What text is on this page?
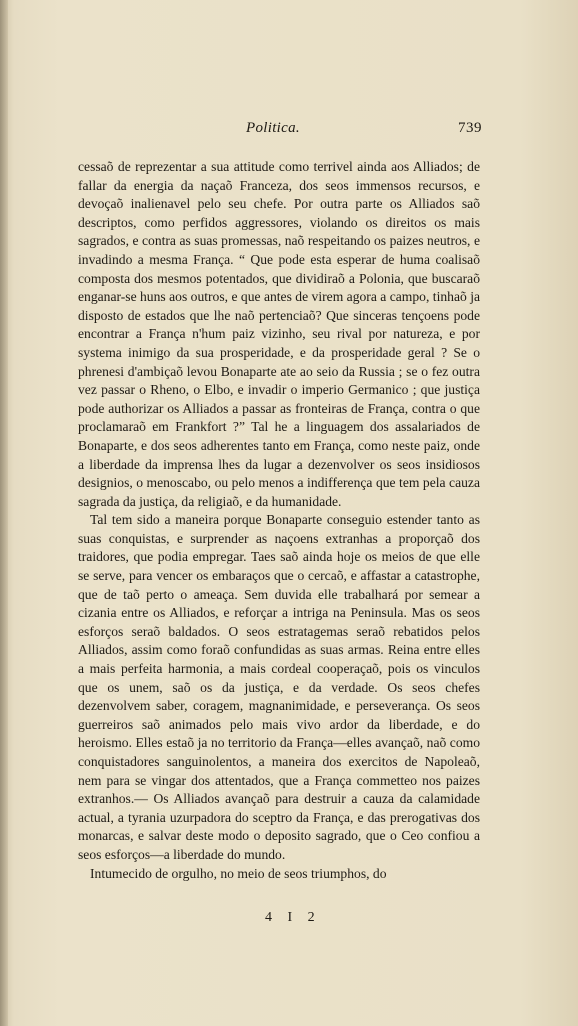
Politica.	739

cessaõ de reprezentar a sua attitude como terrivel ainda aos Alliados; de fallar da energia da naçaõ Franceza, dos seos immensos recursos, e devoçaõ inalienavel pelo seu chefe. Por outra parte os Alliados saõ descriptos, como perfidos aggressores, violando os direitos os mais sagrados, e contra as suas promessas, naõ respeitando os paizes neutros, e invadindo a mesma França. “ Que pode esta esperar de huma coalisaõ composta dos mesmos potentados, que dividiraõ a Polonia, que buscaraõ enganar-se huns aos outros, e que antes de virem agora a campo, tinhaõ ja disposto de estados que lhe naõ pertenciaõ? Que sinceras tençoens pode encontrar a França n'hum paiz vizinho, seu rival por natureza, e por systema inimigo da sua prosperidade, e da prosperidade geral ? Se o phrenesi d'ambiçaõ levou Bonaparte ate ao seio da Russia ; se o fez outra vez passar o Rheno, o Elbo, e invadir o imperio Germanico ; que justiça pode authorizar os Alliados a passar as fronteiras de França, contra o que proclamaraõ em Frankfort ?” Tal he a linguagem dos assalariados de Bonaparte, e dos seos adherentes tanto em França, como neste paiz, onde a liberdade da imprensa lhes da lugar a dezenvolver os seos insidiosos designios, o menoscabo, ou pelo menos a indifferença que tem pela cauza sagrada da justiça, da religiaõ, e da humanidade.

Tal tem sido a maneira porque Bonaparte conseguio estender tanto as suas conquistas, e surprender as naçoens extranhas a proporçaõ dos traidores, que podia empregar. Taes saõ ainda hoje os meios de que elle se serve, para vencer os embaraços que o cercaõ, e affastar a catastrophe, que de taõ perto o ameaça. Sem duvida elle trabalhará por semear a cizania entre os Alliados, e reforçar a intriga na Peninsula. Mas os seos esforços seraõ baldados. O seos estratagemas seraõ rebatidos pelos Alliados, assim como foraõ confundidas as suas armas. Reina entre elles a mais perfeita harmonia, a mais cordeal cooperaçaõ, pois os vinculos que os unem, saõ os da justiça, e da verdade. Os seos chefes dezenvolvem saber, coragem, magnanimidade, e perseverança. Os seos guerreiros saõ animados pelo mais vivo ardor da liberdade, e do heroismo. Elles estaõ ja no territorio da França—elles avançaõ, naõ como conquistadores sanguinolentos, a maneira dos exercitos de Napoleaõ, nem para se vingar dos attentados, que a França commetteo nos paizes extranhos.— Os Alliados avançaõ para destruir a cauza da calamidade actual, a tyrania uzurpadora do sceptro da França, e das prerogativas dos monarcas, e salvar deste modo o deposito sagrado, que o Ceo confiou a seos esforços—a liberdade do mundo.

Intumecido de orgulho, no meio de seos triumphos, do

4 I 2
